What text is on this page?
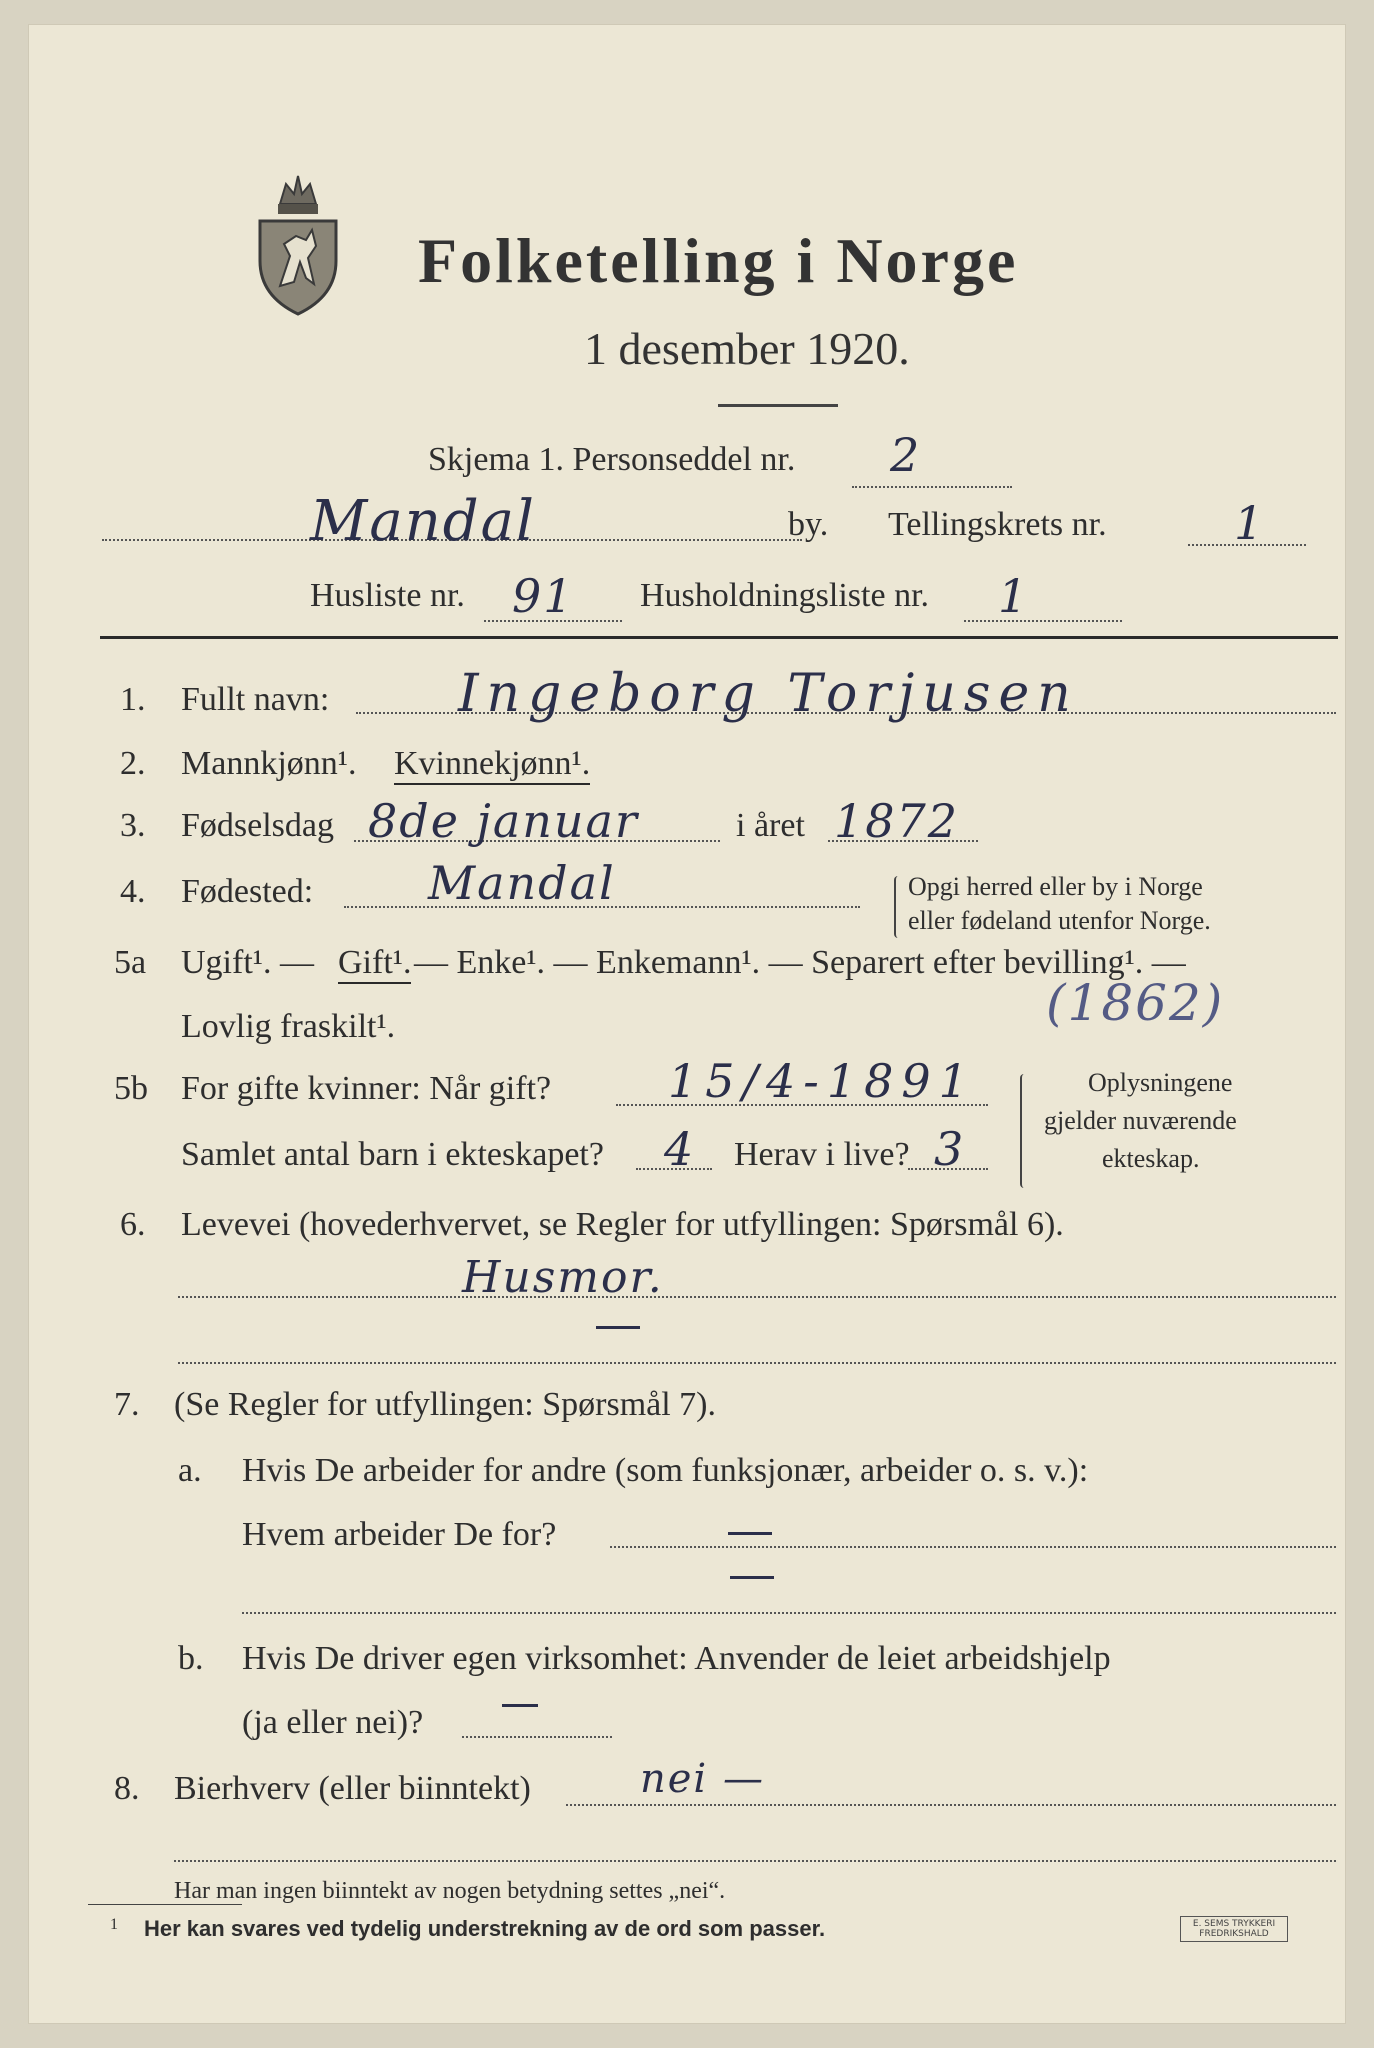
Folketelling i Norge
1 desember 1920.
Skjema 1. Personseddel nr. 2
Mandal	by. Tellingskrets nr.	1
Husliste nr. 91 Husholdningsliste nr. 1
1. Fullt navn: Ingeborg Torjusen
2. Mannkjønn¹. Kvinnekjønn¹.
3. Fødselsdag 8de januar	i året 1872
4. Fødested: Mandal	Opgi herred eller by i Norge
eller fødeland utenfor Norge.
5a Ugift¹. — Gift¹. — Enke¹. — Enkemann¹. — Separert efter bevilling¹. —
Lovlig fraskilt¹.	(1862)
5b For gifte kvinner: Når gift?	15/4-1891
Samlet antal barn i ekteskapet? 4 Herav i live? 3
Oplysningene
gjelder nuværende
ekteskap.
6. Levevei (hovederhvervet, se Regler for utfyllingen: Spørsmål 6).
Husmor.
7. (Se Regler for utfyllingen: Spørsmål 7).
a. Hvis De arbeider for andre (som funksjonær, arbeider o. s. v.):
Hvem arbeider De for?
b. Hvis De driver egen virksomhet: Anvender de leiet arbeidshjelp
(ja eller nei)?
8. Bierhverv (eller biinntekt)	nei —
Har man ingen biinntekt av nogen betydning settes „nei“.
1 Her kan svares ved tydelig understrekning av de ord som passer.	E. SEMS TRYKKERI
FREDRIKSHALD
